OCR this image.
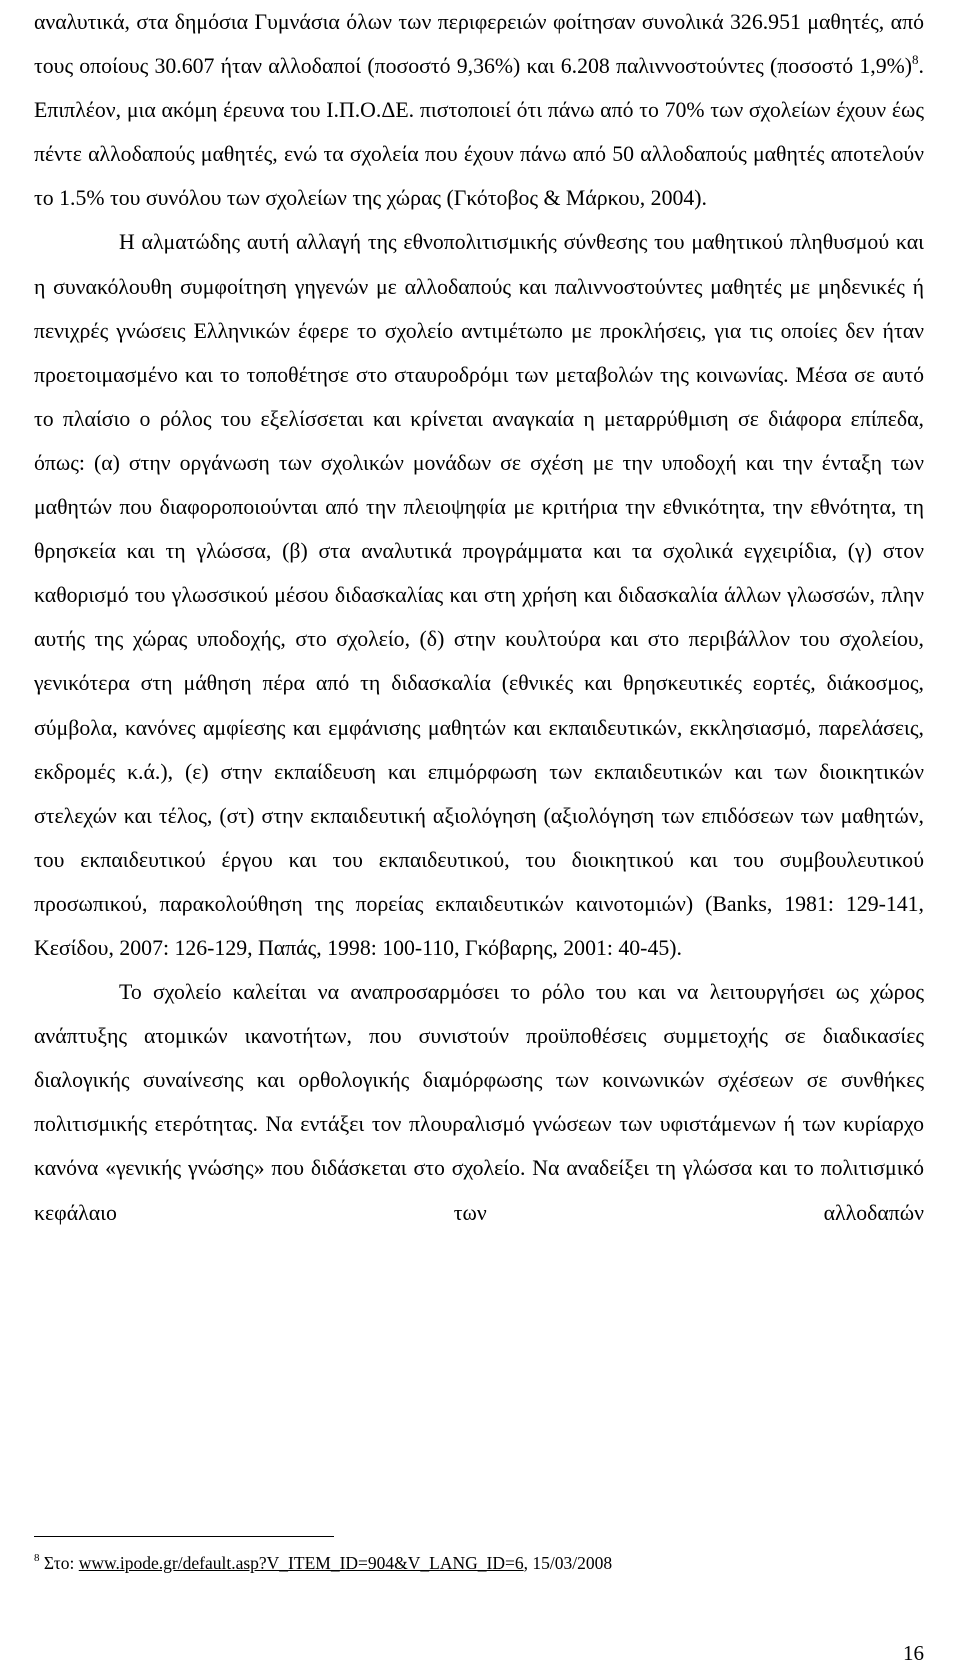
αναλυτικά, στα δημόσια Γυμνάσια όλων των περιφερειών φοίτησαν συνολικά 326.951 μαθητές, από τους οποίους 30.607 ήταν αλλοδαποί (ποσοστό 9,36%) και 6.208 παλιννοστούντες (ποσοστό 1,9%)$^8$. Επιπλέον, μια ακόμη έρευνα του Ι.Π.Ο.ΔΕ. πιστοποιεί ότι πάνω από το 70% των σχολείων έχουν έως πέντε αλλοδαπούς μαθητές, ενώ τα σχολεία που έχουν πάνω από 50 αλλοδαπούς μαθητές αποτελούν το 1.5% του συνόλου των σχολείων της χώρας (Γκότοβος & Μάρκου, 2004).

Η αλματώδης αυτή αλλαγή της εθνοπολιτισμικής σύνθεσης του μαθητικού πληθυσμού και η συνακόλουθη συμφοίτηση γηγενών με αλλοδαπούς και παλιννοστούντες μαθητές με μηδενικές ή πενιχρές γνώσεις Ελληνικών έφερε το σχολείο αντιμέτωπο με προκλήσεις, για τις οποίες δεν ήταν προετοιμασμένο και το τοποθέτησε στο σταυροδρόμι των μεταβολών της κοινωνίας. Μέσα σε αυτό το πλαίσιο ο ρόλος του εξελίσσεται και κρίνεται αναγκαία η μεταρρύθμιση σε διάφορα επίπεδα, όπως: (α) στην οργάνωση των σχολικών μονάδων σε σχέση με την υποδοχή και την ένταξη των μαθητών που διαφοροποιούνται από την πλειοψηφία με κριτήρια την εθνικότητα, την εθνότητα, τη θρησκεία και τη γλώσσα, (β) στα αναλυτικά προγράμματα και τα σχολικά εγχειρίδια, (γ) στον καθορισμό του γλωσσικού μέσου διδασκαλίας και στη χρήση και διδασκαλία άλλων γλωσσών, πλην αυτής της χώρας υποδοχής, στο σχολείο, (δ) στην κουλτούρα και στο περιβάλλον του σχολείου, γενικότερα στη μάθηση πέρα από τη διδασκαλία (εθνικές και θρησκευτικές εορτές, διάκοσμος, σύμβολα, κανόνες αμφίεσης και εμφάνισης μαθητών και εκπαιδευτικών, εκκλησιασμό, παρελάσεις, εκδρομές κ.ά.), (ε) στην εκπαίδευση και επιμόρφωση των εκπαιδευτικών και των διοικητικών στελεχών και τέλος, (στ) στην εκπαιδευτική αξιολόγηση (αξιολόγηση των επιδόσεων των μαθητών, του εκπαιδευτικού έργου και του εκπαιδευτικού, του διοικητικού και του συμβουλευτικού προσωπικού, παρακολούθηση της πορείας εκπαιδευτικών καινοτομιών) (Banks, 1981: 129-141, Κεσίδου, 2007: 126-129, Παπάς, 1998: 100-110, Γκόβαρης, 2001: 40-45).

Το σχολείο καλείται να αναπροσαρμόσει το ρόλο του και να λειτουργήσει ως χώρος ανάπτυξης ατομικών ικανοτήτων, που συνιστούν προϋποθέσεις συμμετοχής σε διαδικασίες διαλογικής συναίνεσης και ορθολογικής διαμόρφωσης των κοινωνικών σχέσεων σε συνθήκες πολιτισμικής ετερότητας. Να εντάξει τον πλουραλισμό γνώσεων των υφιστάμενων ή των κυρίαρχο κανόνα «γενικής γνώσης» που διδάσκεται στο σχολείο. Να αναδείξει τη γλώσσα και το πολιτισμικό κεφάλαιο των αλλοδαπών

$^8$ Στο: www.ipode.gr/default.asp?V_ITEM_ID=904&V_LANG_ID=6, 15/03/2008

16
